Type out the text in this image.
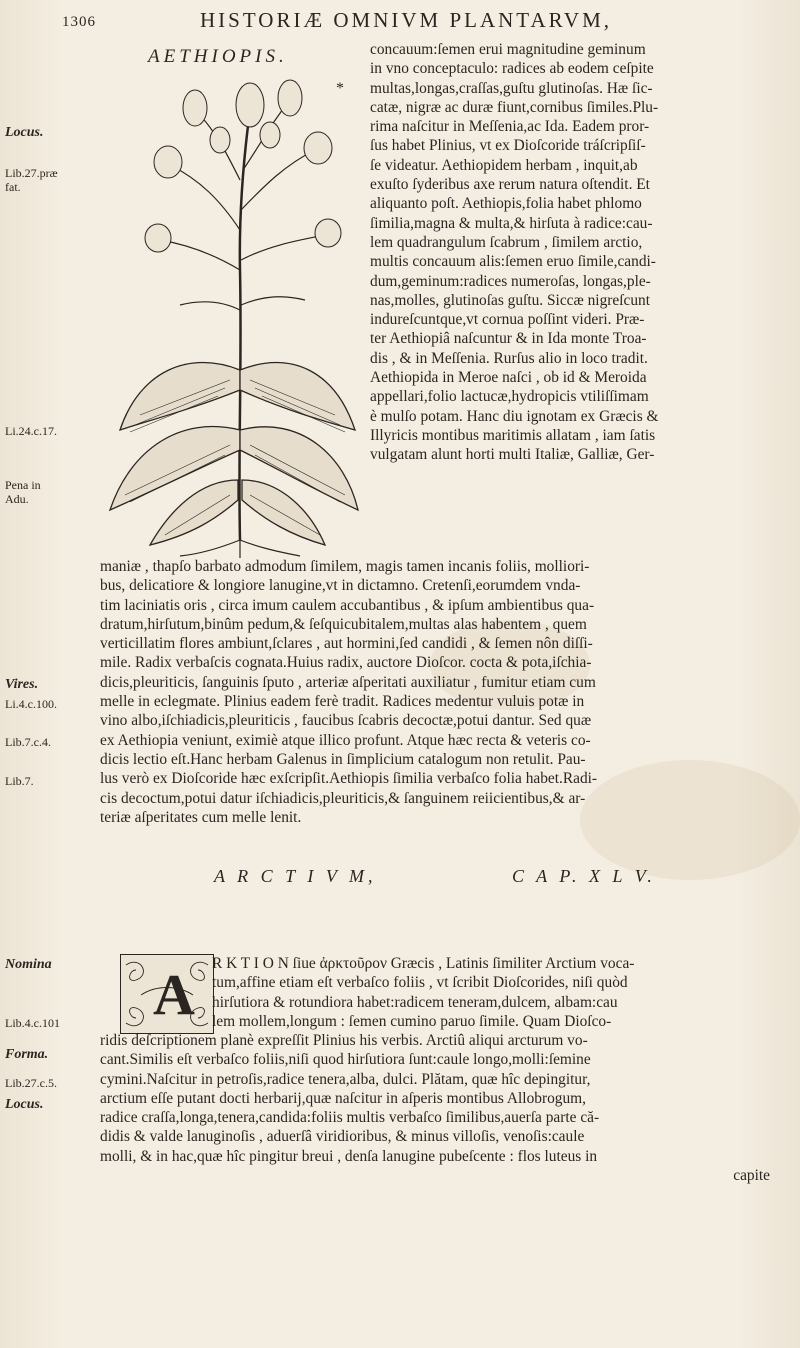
1306	HISTORIÆ OMNIVM PLANTARVM,
AETHIOPIS.
*
Locus.
Lib.27.præ fat.
Li.24.c.17.
Pena in Adu.

concauum:ſemen erui magnitudine geminum

in vno conceptaculo: radices ab eodem ceſpite

multas,longas,craſſas,guſtu glutinoſas. Hæ ſic-

catæ, nigræ ac duræ fiunt,cornibus ſimiles.Plu-

rima naſcitur in Meſſenia,ac Ida. Eadem pror-

ſus habet Plinius, vt ex Dioſcoride tráſcripſiſ-

ſe videatur. Aethiopidem herbam , inquit,ab

exuſto ſyderibus axe rerum natura oſtendit. Et

aliquanto poſt. Aethiopis,folia habet phlomo

ſimilia,magna & multa,& hirſuta à radice:cau-

lem quadrangulum ſcabrum , ſimilem arctio,

multis concauum alis:ſemen eruo ſimile,candi-

dum,geminum:radices numeroſas, longas,ple-

nas,molles, glutinoſas guſtu. Siccæ nigreſcunt

indureſcuntque,vt cornua poſſint videri. Præ-

ter Aethiopiâ naſcuntur & in Ida monte Troa-

dis , & in Meſſenia. Rurſus alio in loco tradit.

Aethiopida in Meroe naſci , ob id & Meroida

appellari,folio lactucæ,hydropicis vtiliſſimam

è mulſo potam. Hanc diu ignotam ex Græcis &

Illyricis montibus maritimis allatam , iam ſatis

vulgatam alunt horti multi Italiæ, Galliæ, Ger-

maniæ , thapſo barbato admodum ſimilem, magis tamen incanis foliis, molliori-

bus, delicatiore & longiore lanugine,vt in dictamno. Cretenſi,eorumdem vnda-

tim laciniatis oris , circa imum caulem accubantibus , & ipſum ambientibus qua-

dratum,hirſutum,binûm pedum,& ſeſquicubitalem,multas alas habentem , quem

verticillatim flores ambiunt,ſclares , aut hormini,ſed candidi , & ſemen nôn diſſi-

mile. Radix verbaſcis cognata.Huius radix, auctore Dioſcor. cocta & pota,iſchia-

dicis,pleuriticis, ſanguinis ſputo , arteriæ aſperitati auxiliatur , fumitur etiam cum

melle in eclegmate. Plinius eadem ferè tradit. Radices medentur vuluis potæ in

vino albo,iſchiadicis,pleuriticis , faucibus ſcabris decoctæ,potui dantur. Sed quæ

ex Aethiopia veniunt, eximiè atque illico profunt. Atque hæc recta & veteris co-

dicis lectio eſt.Hanc herbam Galenus in ſimplicium catalogum non retulit. Pau-

lus verò ex Dioſcoride hæc exſcripſit.Aethiopis ſimilia verbaſco folia habet.Radi-

cis decoctum,potui datur iſchiadicis,pleuriticis,& ſanguinem reiicientibus,& ar-

teriæ aſperitates cum melle lenit.

Vires.
Li.4.c.100.
Lib.7.c.4.
Lib.7.
A R C T I V M,	C A P. X L V.
A R K T I O N ſiue ἀρκτοῦρον Græcis , Latinis ſimiliter Arctium voca-

tum,affine etiam eſt verbaſco foliis , vt ſcribit Dioſcorides, niſi quòd

hirſutiora & rotundiora habet:radicem teneram,dulcem, albam:cau

lem mollem,longum : ſemen cumino paruo ſimile. Quam Dioſco-

ridis deſcriptionem planè expreſſit Plinius his verbis. Arctiû aliqui arcturum vo-

cant.Similis eſt verbaſco foliis,niſi quod hirſutiora ſunt:caule longo,molli:ſemine

cymini.Naſcitur in petroſis,radice tenera,alba, dulci. Plătam, quæ hîc depingitur,

arctium eſſe putant docti herbarij,quæ naſcitur in aſperis montibus Allobrogum,

radice craſſa,longa,tenera,candida:foliis multis verbaſco ſimilibus,auerſa parte că-

didis & valde lanuginoſis , aduerſâ viridioribus, & minus villoſis, venoſis:caule

molli, & in hac,quæ hîc pingitur breui , denſa lanugine pubeſcente : flos luteus in

capite

Nomina
Lib.4.c.101
Forma.
Lib.27.c.5.
Locus.
